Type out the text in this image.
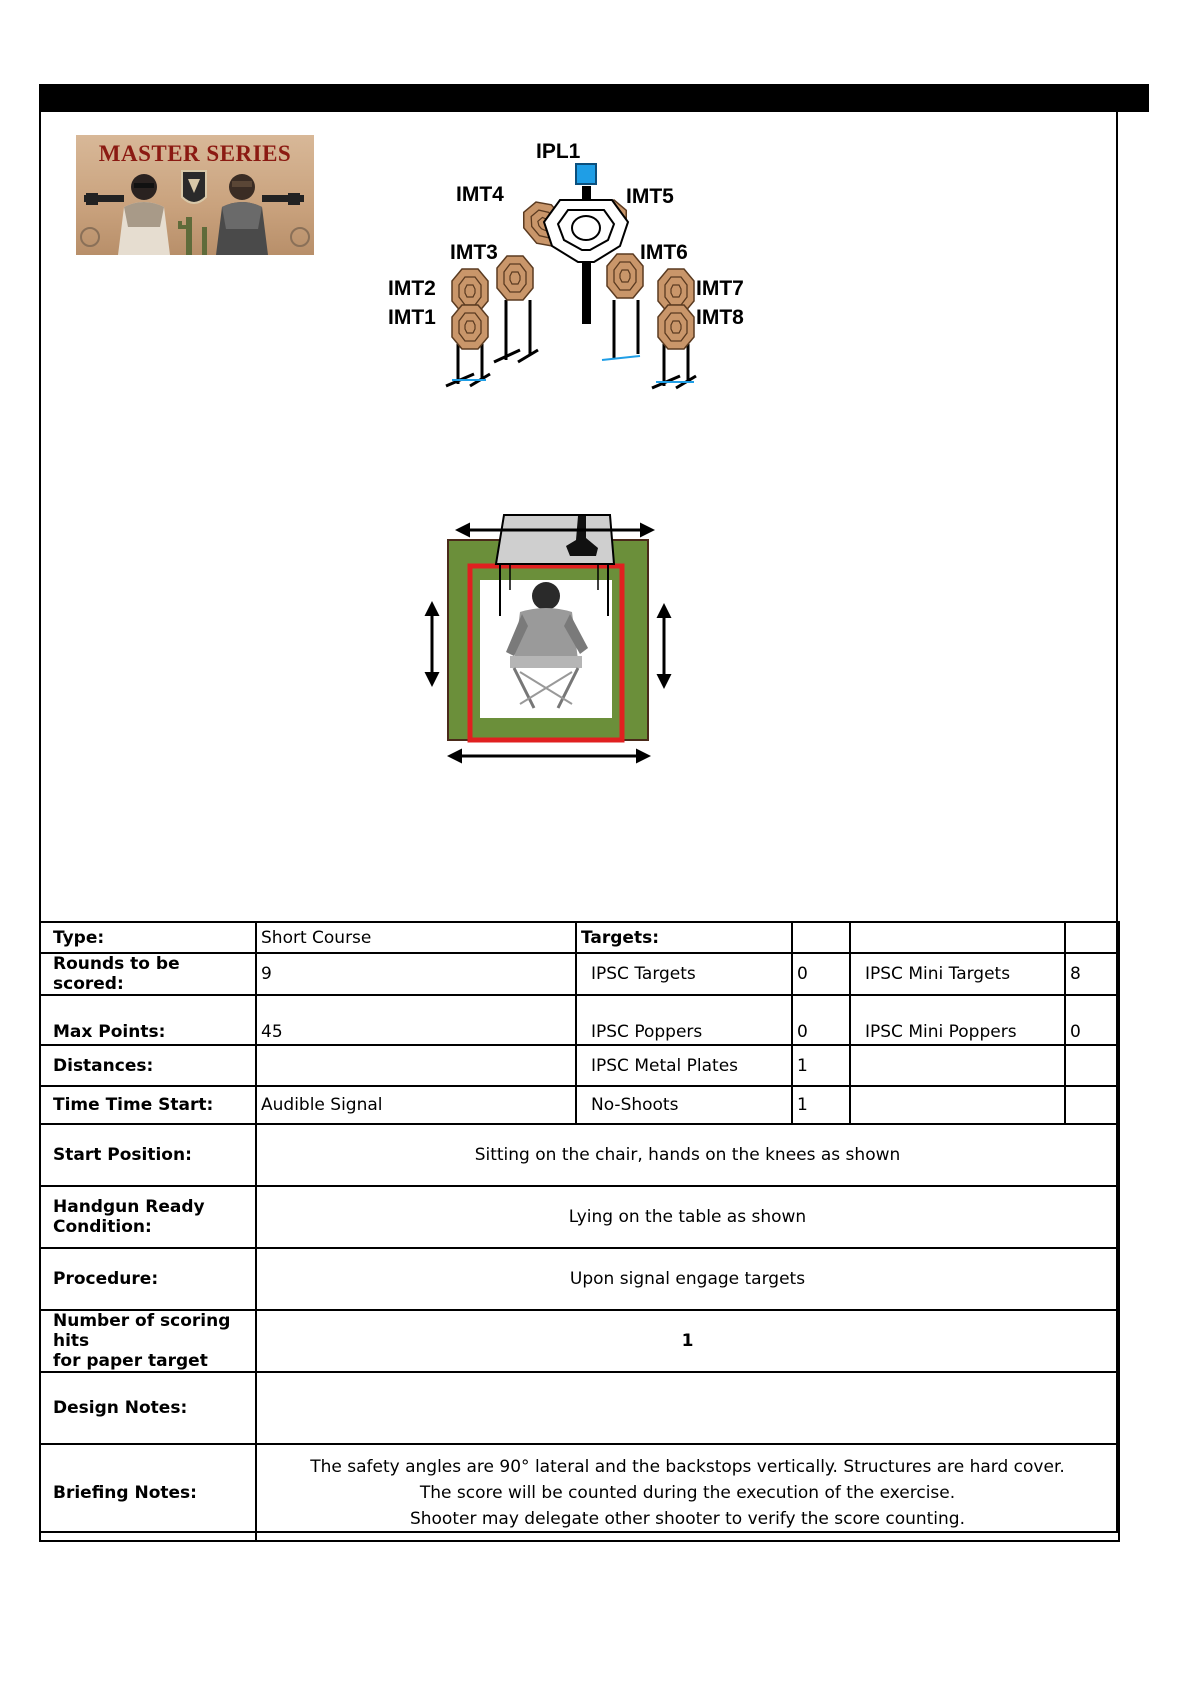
MASTER SERIES	IPL1
IMT4	IMT5
IMT3	IMT6
IMT2
IMT1
IMT7
IMT8
Type:	Short Course	Targets:			
Rounds to be scored:	9	IPSC Targets	0	IPSC Mini Targets	8
Max Points:	45	IPSC Poppers	0	IPSC Mini Poppers	0
Distances:		IPSC Metal Plates	1		
Time Time Start:	Audible Signal	No-Shoots	1		
Start Position:	Sitting on the chair, hands on the knees as shown				

Handgun Ready
Condition:	Lying on the table as shown				
Procedure:	Upon signal engage targets				

Number of scoring hits
for paper target	1				
Design Notes:					
Briefing Notes:	The safety angles are 90° lateral and the backstops vertically. Structures are hard cover.
The score will be counted during the execution of the exercise.
Shooter may delegate other shooter to verify the score counting.				
